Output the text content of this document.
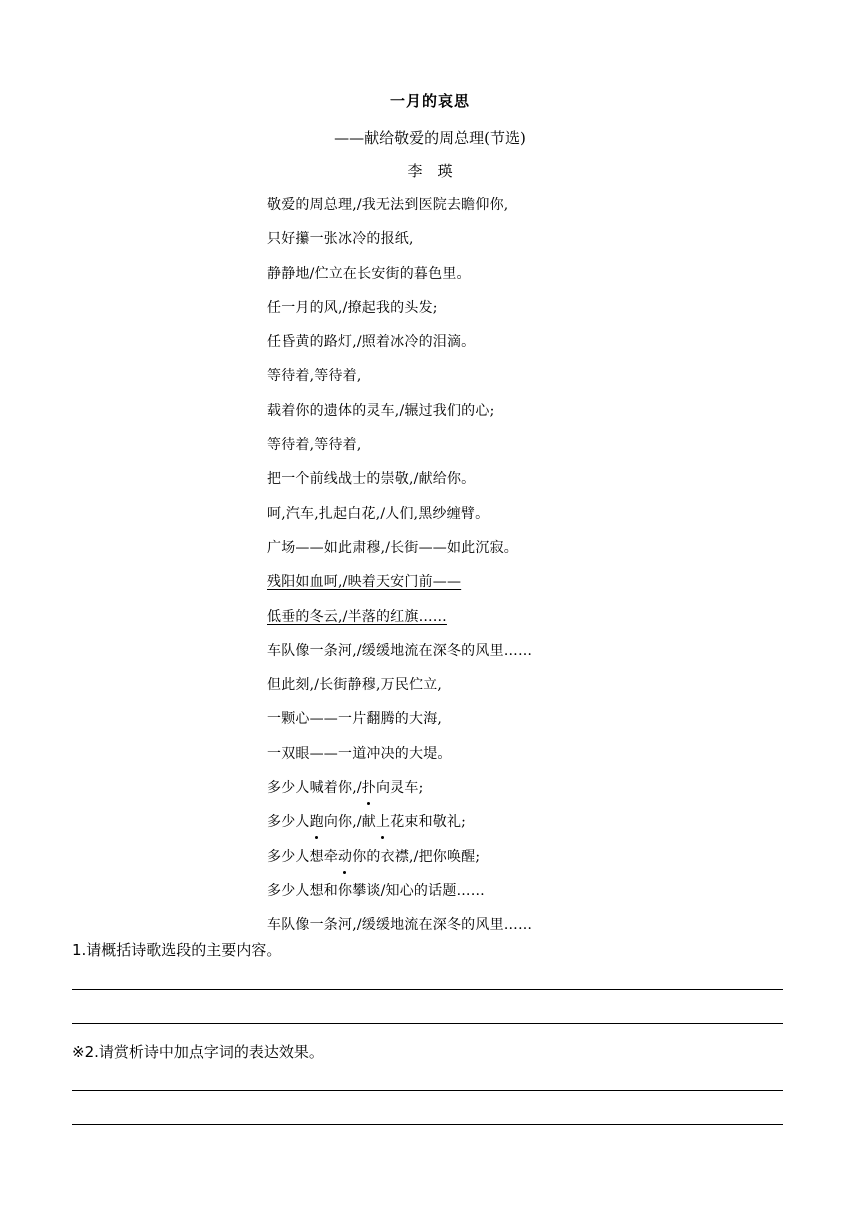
一月的哀思
——献给敬爱的周总理(节选)
李　瑛
敬爱的周总理,/我无法到医院去瞻仰你,
只好攥一张冰冷的报纸,
静静地/伫立在长安街的暮色里。
任一月的风,/撩起我的头发;
任昏黄的路灯,/照着冰冷的泪滴。
等待着,等待着,
载着你的遗体的灵车,/辗过我们的心;
等待着,等待着,
把一个前线战士的崇敬,/献给你。
呵,汽车,扎起白花,/人们,黑纱缠臂。
广场——如此肃穆,/长街——如此沉寂。
残阳如血呵,/映着天安门前——
低垂的冬云,/半落的红旗……
车队像一条河,/缓缓地流在深冬的风里……
但此刻,/长街静穆,万民伫立,
一颗心——一片翻腾的大海,
一双眼——一道冲决的大堤。
多少人喊着你,/扑向灵车;
多少人跑向你,/献上花束和敬礼;
多少人想牵动你的衣襟,/把你唤醒;
多少人想和你攀谈/知心的话题……
车队像一条河,/缓缓地流在深冬的风里……
1.请概括诗歌选段的主要内容。
※2.请赏析诗中加点字词的表达效果。
